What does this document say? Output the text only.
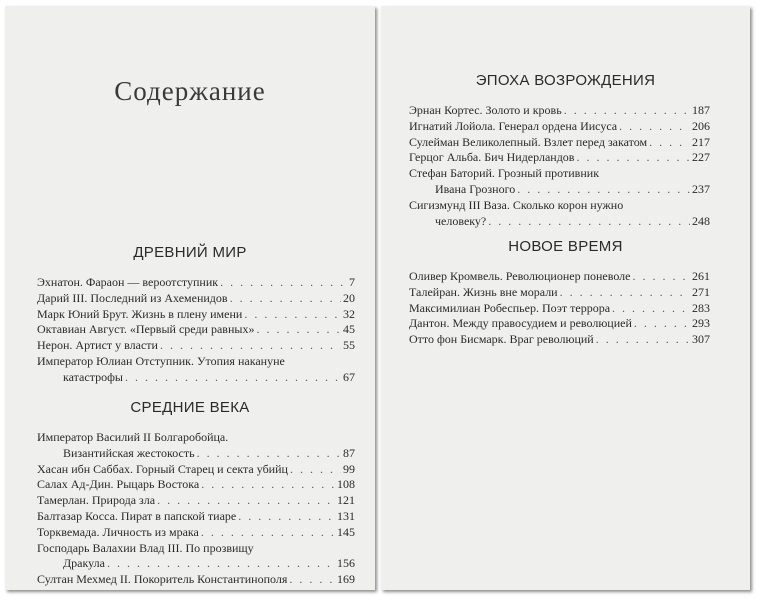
Содержание
ДРЕВНИЙ МИР
Эхнатон. Фараон — вероотступник . . .	7
Дарий III. Последний из Ахеменидов . . .	20
Марк Юний Брут. Жизнь в плену имени . . .	32
Октавиан Август. «Первый среди равных» . . .	45
Нерон. Артист у власти . . .	55
Император Юлиан Отступник. Утопия накануне
катастрофы . . .	67
СРЕДНИЕ ВЕКА
Император Василий II Болгаробойца.
Византийская жестокость . . .	87
Хасан ибн Саббах. Горный Старец и секта убийц . . .	99
Салах Ад-Дин. Рыцарь Востока . . .	108
Тамерлан. Природа зла . . .	121
Балтазар Косса. Пират в папской тиаре . . .	131
Торквемада. Личность из мрака . . .	145
Господарь Валахии Влад III. По прозвищу
Дракула . . .	156
Султан Мехмед II. Покоритель Константинополя . . .	169
ЭПОХА ВОЗРОЖДЕНИЯ
Эрнан Кортес. Золото и кровь . . .	187
Игнатий Лойола. Генерал ордена Иисуса . . .	206
Сулейман Великолепный. Взлет перед закатом . . .	217
Герцог Альба. Бич Нидерландов . . .	227
Стефан Баторий. Грозный противник
Ивана Грозного . . .	237
Сигизмунд III Ваза. Сколько корон нужно
человеку? . . .	248
НОВОЕ ВРЕМЯ
Оливер Кромвель. Революционер поневоле . . .	261
Талейран. Жизнь вне морали . . .	271
Максимилиан Робеспьер. Поэт террора . . .	283
Дантон. Между правосудием и революцией . . .	293
Отто фон Бисмарк. Враг революций . . .	307
